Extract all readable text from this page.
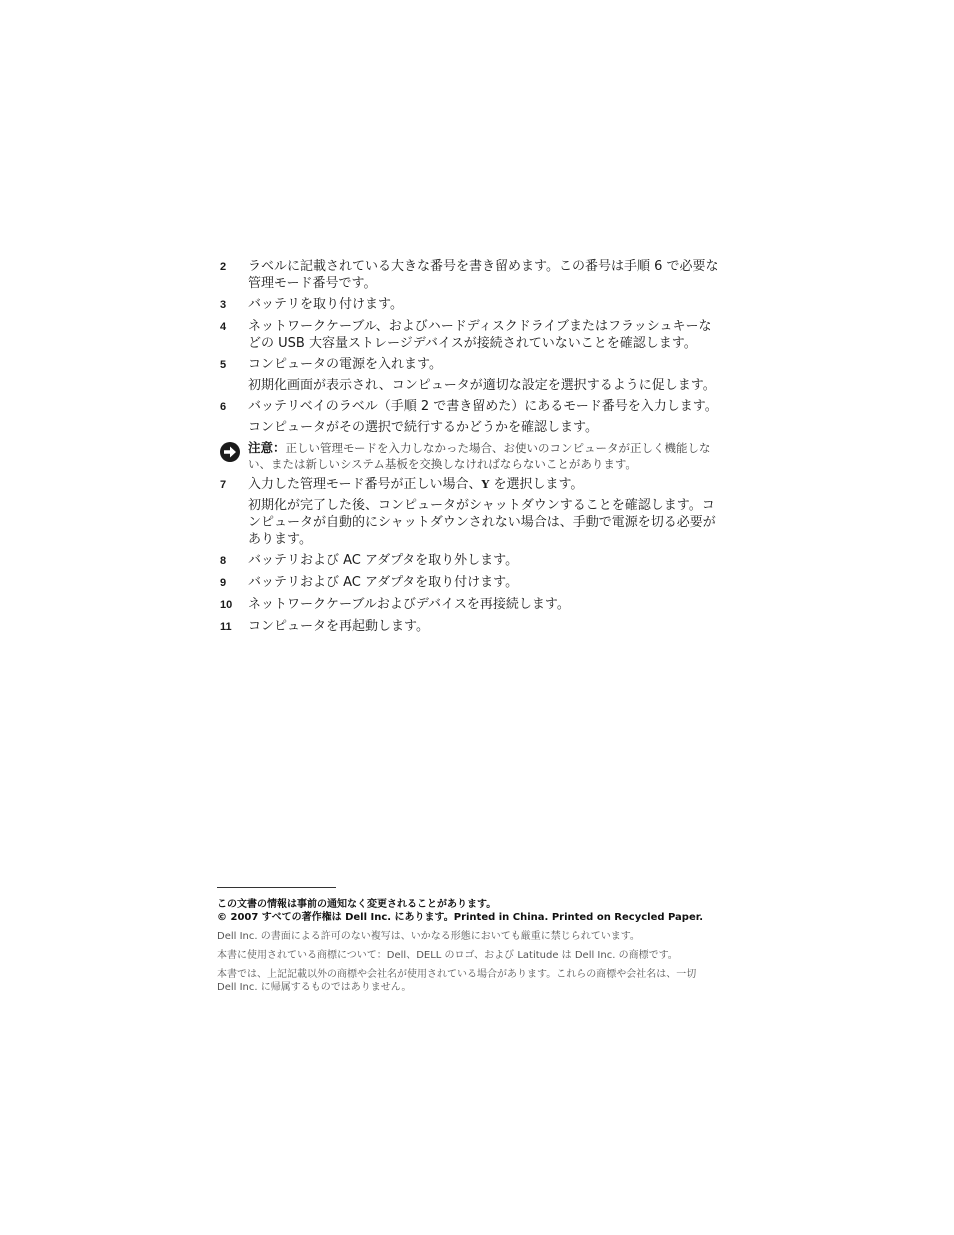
2	ラベルに記載されている大きな番号を書き留めます。この番号は手順 6 で必要な管理モード番号です。
3	バッテリを取り付けます。
4	ネットワークケーブル、およびハードディスクドライブまたはフラッシュキーなどの USB 大容量ストレージデバイスが接続されていないことを確認します。
5	コンピュータの電源を入れます。
初期化画面が表示され、コンピュータが適切な設定を選択するように促します。
6	バッテリベイのラベル（手順 2 で書き留めた）にあるモード番号を入力します。
コンピュータがその選択で続行するかどうかを確認します。
注意：正しい管理モードを入力しなかった場合、お使いのコンピュータが正しく機能しない、または新しいシステム基板を交換しなければならないことがあります。
7	入力した管理モード番号が正しい場合、Y を選択します。
初期化が完了した後、コンピュータがシャットダウンすることを確認します。コンピュータが自動的にシャットダウンされない場合は、手動で電源を切る必要があります。
8	バッテリおよび AC アダプタを取り外します。
9	バッテリおよび AC アダプタを取り付けます。
10	ネットワークケーブルおよびデバイスを再接続します。
11	コンピュータを再起動します。
この文書の情報は事前の通知なく変更されることがあります。
© 2007 すべての著作権は Dell Inc. にあります。Printed in China. Printed on Recycled Paper.
Dell Inc. の書面による許可のない複写は、いかなる形態においても厳重に禁じられています。
本書に使用されている商標について：Dell、DELL のロゴ、および Latitude は Dell Inc. の商標です。
本書では、上記記載以外の商標や会社名が使用されている場合があります。これらの商標や会社名は、一切 Dell Inc. に帰属するものではありません。
